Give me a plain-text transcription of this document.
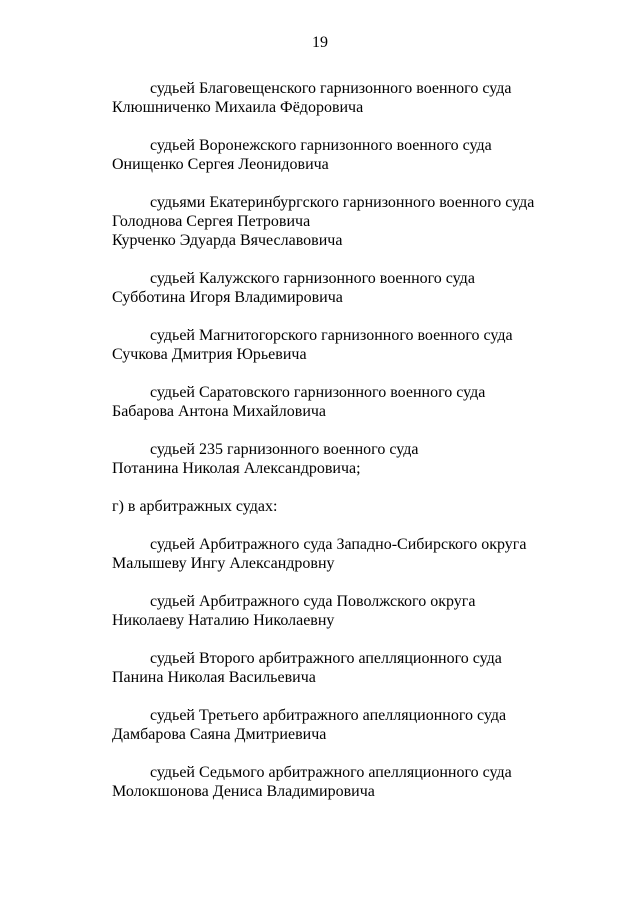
19
судьей Благовещенского гарнизонного военного суда
Клюшниченко Михаила Фёдоровича
судьей Воронежского гарнизонного военного суда
Онищенко Сергея Леонидовича
судьями Екатеринбургского гарнизонного военного суда
Голоднова Сергея Петровича
Курченко Эдуарда Вячеславовича
судьей Калужского гарнизонного военного суда
Субботина Игоря Владимировича
судьей Магнитогорского гарнизонного военного суда
Сучкова Дмитрия Юрьевича
судьей Саратовского гарнизонного военного суда
Бабарова Антона Михайловича
судьей 235 гарнизонного военного суда
Потанина Николая Александровича;
г) в арбитражных судах:
судьей Арбитражного суда Западно-Сибирского округа
Малышеву Ингу Александровну
судьей Арбитражного суда Поволжского округа
Николаеву Наталию Николаевну
судьей Второго арбитражного апелляционного суда
Панина Николая Васильевича
судьей Третьего арбитражного апелляционного суда
Дамбарова Саяна Дмитриевича
судьей Седьмого арбитражного апелляционного суда
Молокшонова Дениса Владимировича
